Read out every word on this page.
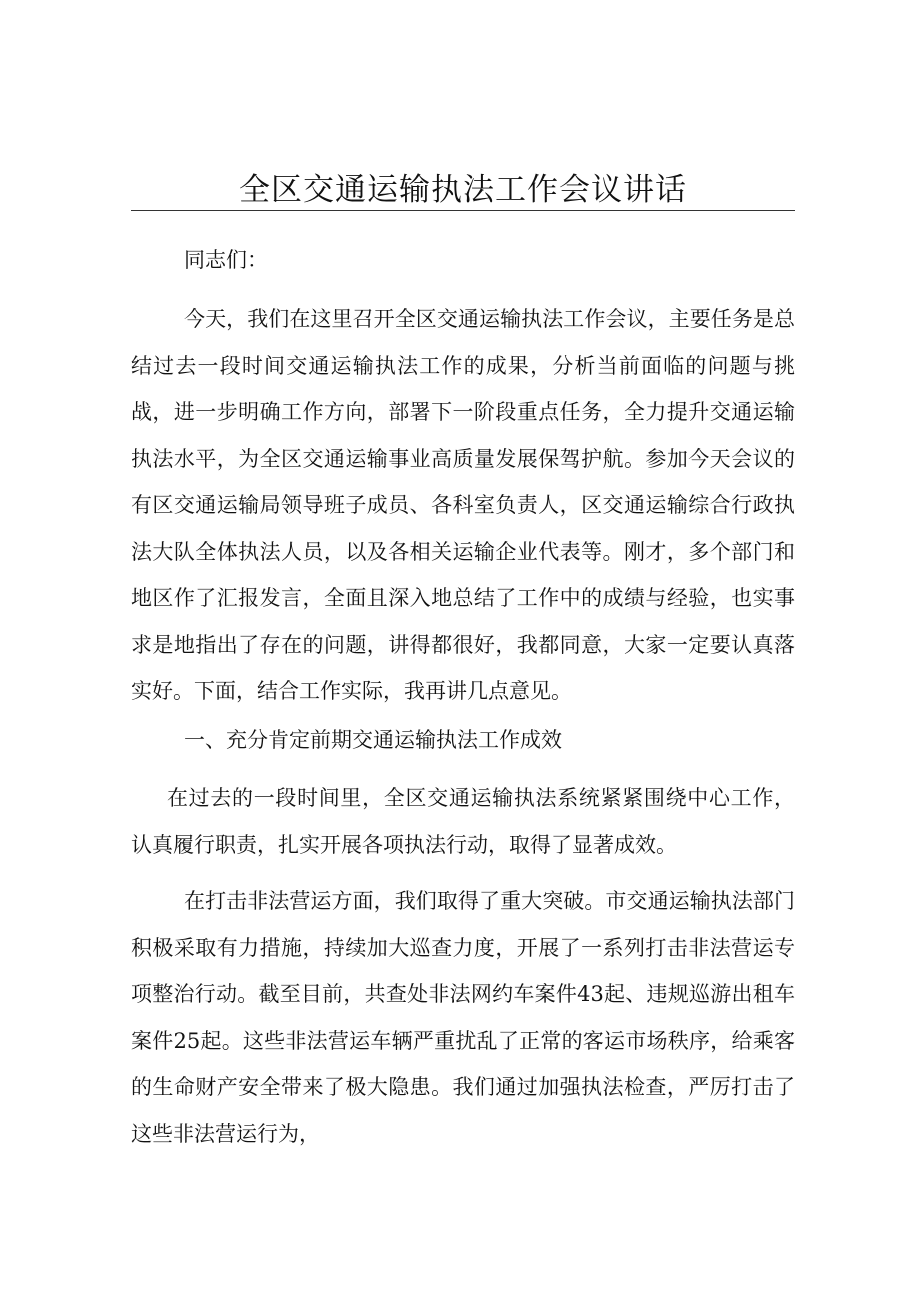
全区交通运输执法工作会议讲话

同志们：

今天，我们在这里召开全区交通运输执法工作会议，主要任务是总结过去一段时间交通运输执法工作的成果，分析当前面临的问题与挑战，进一步明确工作方向，部署下一阶段重点任务，全力提升交通运输执法水平，为全区交通运输事业高质量发展保驾护航。参加今天会议的有区交通运输局领导班子成员、各科室负责人，区交通运输综合行政执法大队全体执法人员，以及各相关运输企业代表等。刚才，多个部门和地区作了汇报发言，全面且深入地总结了工作中的成绩与经验，也实事求是地指出了存在的问题，讲得都很好，我都同意，大家一定要认真落实好。下面，结合工作实际，我再讲几点意见。

一、充分肯定前期交通运输执法工作成效

在过去的一段时间里，全区交通运输执法系统紧紧围绕中心工作，认真履行职责，扎实开展各项执法行动，取得了显著成效。

在打击非法营运方面，我们取得了重大突破。市交通运输执法部门积极采取有力措施，持续加大巡查力度，开展了一系列打击非法营运专项整治行动。截至目前，共查处非法网约车案件43起、违规巡游出租车案件25起。这些非法营运车辆严重扰乱了正常的客运市场秩序，给乘客的生命财产安全带来了极大隐患。我们通过加强执法检查，严厉打击了这些非法营运行为，
